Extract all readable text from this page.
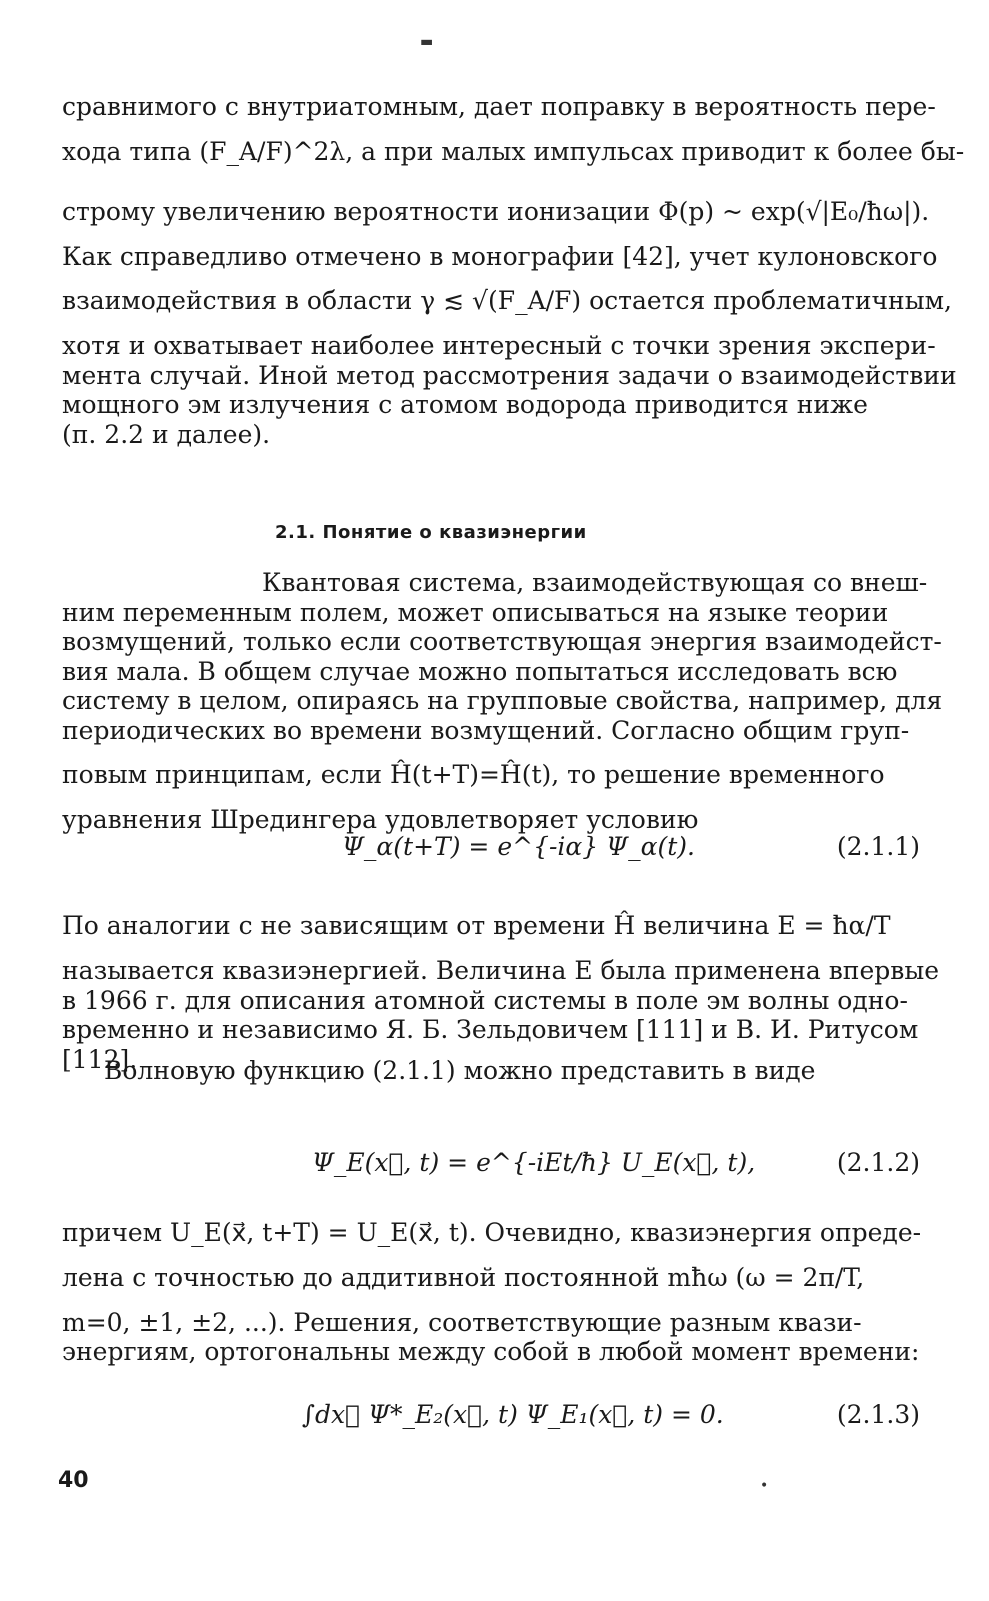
сравнимого с внутриатомным, дает поправку в вероятность пере-
хода типа (F_A/F)^2λ, а при малых импульсах приводит к более бы-
строму увеличению вероятности ионизации Φ(p) ~ exp(√|E₀/ħω|).
Как справедливо отмечено в монографии [42], учет кулоновского
взаимодействия в области γ ≲ √(F_A/F) остается проблематичным,
хотя и охватывает наиболее интересный с точки зрения экспери-
мента случай. Иной метод рассмотрения задачи о взаимодействии
мощного эм излучения с атомом водорода приводится ниже
(п. 2.2 и далее).
2.1. Понятие о квазиэнергии
Квантовая система, взаимодействующая со внеш-
ним переменным полем, может описываться на языке теории
возмущений, только если соответствующая энергия взаимодейст-
вия мала. В общем случае можно попытаться исследовать всю
систему в целом, опираясь на групповые свойства, например, для
периодических во времени возмущений. Согласно общим груп-
повым принципам, если Ĥ(t+T)=Ĥ(t), то решение временного
уравнения Шредингера удовлетворяет условию
Ψ_α(t+T) = e^{-iα} Ψ_α(t).	(2.1.1)
По аналогии с не зависящим от времени Ĥ величина E = ħα/T
называется квазиэнергией. Величина E была применена впервые
в 1966 г. для описания атомной системы в поле эм волны одно-
временно и независимо Я. Б. Зельдовичем [111] и В. И. Ритусом
[112].
Волновую функцию (2.1.1) можно представить в виде
Ψ_E(x⃗, t) = e^{-iEt/ħ} U_E(x⃗, t),	(2.1.2)
причем U_E(x⃗, t+T) = U_E(x⃗, t). Очевидно, квазиэнергия опреде-
лена с точностью до аддитивной постоянной mħω (ω = 2π/T,
m=0, ±1, ±2, ...). Решения, соответствующие разным квази-
энергиям, ортогональны между собой в любой момент времени:
∫dx⃗ Ψ*_E₂(x⃗, t) Ψ_E₁(x⃗, t) = 0.	(2.1.3)
40
▬
•
